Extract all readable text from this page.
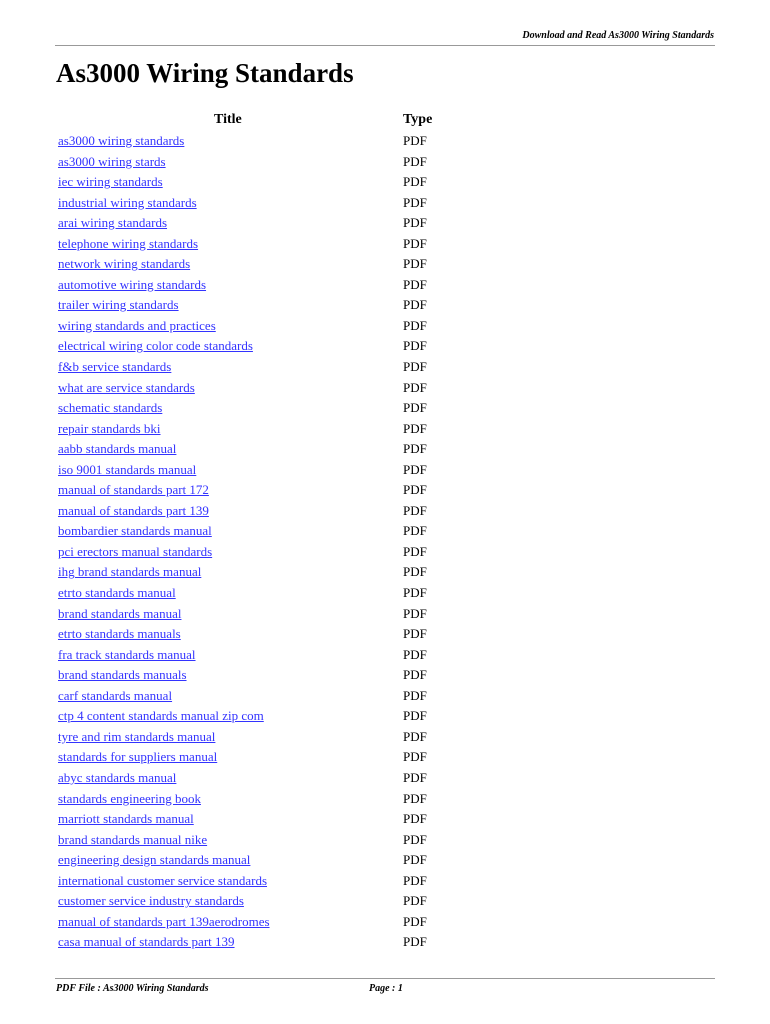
Download and Read As3000 Wiring Standards
As3000 Wiring Standards
Title	Type
as3000 wiring standards	PDF
as3000 wiring stards	PDF
iec wiring standards	PDF
industrial wiring standards	PDF
arai wiring standards	PDF
telephone wiring standards	PDF
network wiring standards	PDF
automotive wiring standards	PDF
trailer wiring standards	PDF
wiring standards and practices	PDF
electrical wiring color code standards	PDF
f&b service standards	PDF
what are service standards	PDF
schematic standards	PDF
repair standards bki	PDF
aabb standards manual	PDF
iso 9001 standards manual	PDF
manual of standards part 172	PDF
manual of standards part 139	PDF
bombardier standards manual	PDF
pci erectors manual standards	PDF
ihg brand standards manual	PDF
etrto standards manual	PDF
brand standards manual	PDF
etrto standards manuals	PDF
fra track standards manual	PDF
brand standards manuals	PDF
carf standards manual	PDF
ctp 4 content standards manual zip com	PDF
tyre and rim standards manual	PDF
standards for suppliers manual	PDF
abyc standards manual	PDF
standards engineering book	PDF
marriott standards manual	PDF
brand standards manual nike	PDF
engineering design standards manual	PDF
international customer service standards	PDF
customer service industry standards	PDF
manual of standards part 139aerodromes	PDF
casa manual of standards part 139	PDF
PDF File : As3000 Wiring Standards	Page : 1
